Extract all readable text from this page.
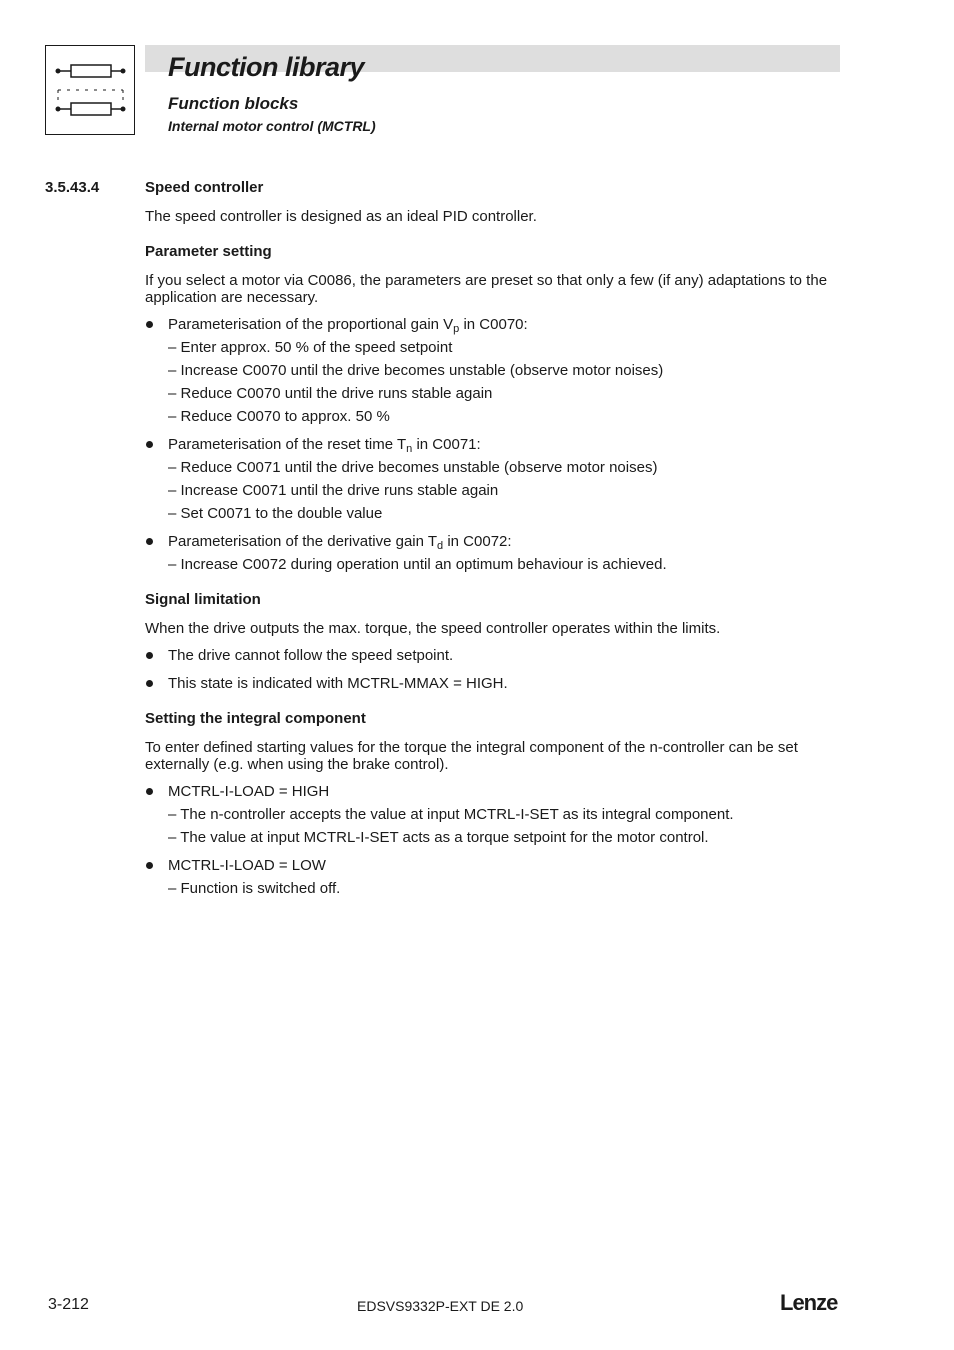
Function library
Function blocks
Internal motor control (MCTRL)
3.5.43.4	Speed controller

The speed controller is designed as an ideal PID controller.

Parameter setting

If you select a motor via C0086, the parameters are preset so that only a few (if any) adaptations to the application are necessary.

Parameterisation of the proportional gain $V_p$ in C0070:
– Enter approx. 50 % of the speed setpoint
– Increase C0070 until the drive becomes unstable (observe motor noises)
– Reduce C0070 until the drive runs stable again
– Reduce C0070 to approx. 50 %
Parameterisation of the reset time $T_n$ in C0071:
– Reduce C0071 until the drive becomes unstable (observe motor noises)
– Increase C0071 until the drive runs stable again
– Set C0071 to the double value
Parameterisation of the derivative gain $T_d$ in C0072:
– Increase C0072 during operation until an optimum behaviour is achieved.

Signal limitation

When the drive outputs the max. torque, the speed controller operates within the limits.

The drive cannot follow the speed setpoint.
This state is indicated with MCTRL-MMAX = HIGH.

Setting the integral component

To enter defined starting values for the torque the integral component of the n-controller can be set externally (e.g. when using the brake control).

MCTRL-I-LOAD = HIGH
– The n-controller accepts the value at input MCTRL-I-SET as its integral component.
– The value at input MCTRL-I-SET acts as a torque setpoint for the motor control.
MCTRL-I-LOAD = LOW
– Function is switched off.
3-212	EDSVS9332P-EXT DE 2.0	Lenze
